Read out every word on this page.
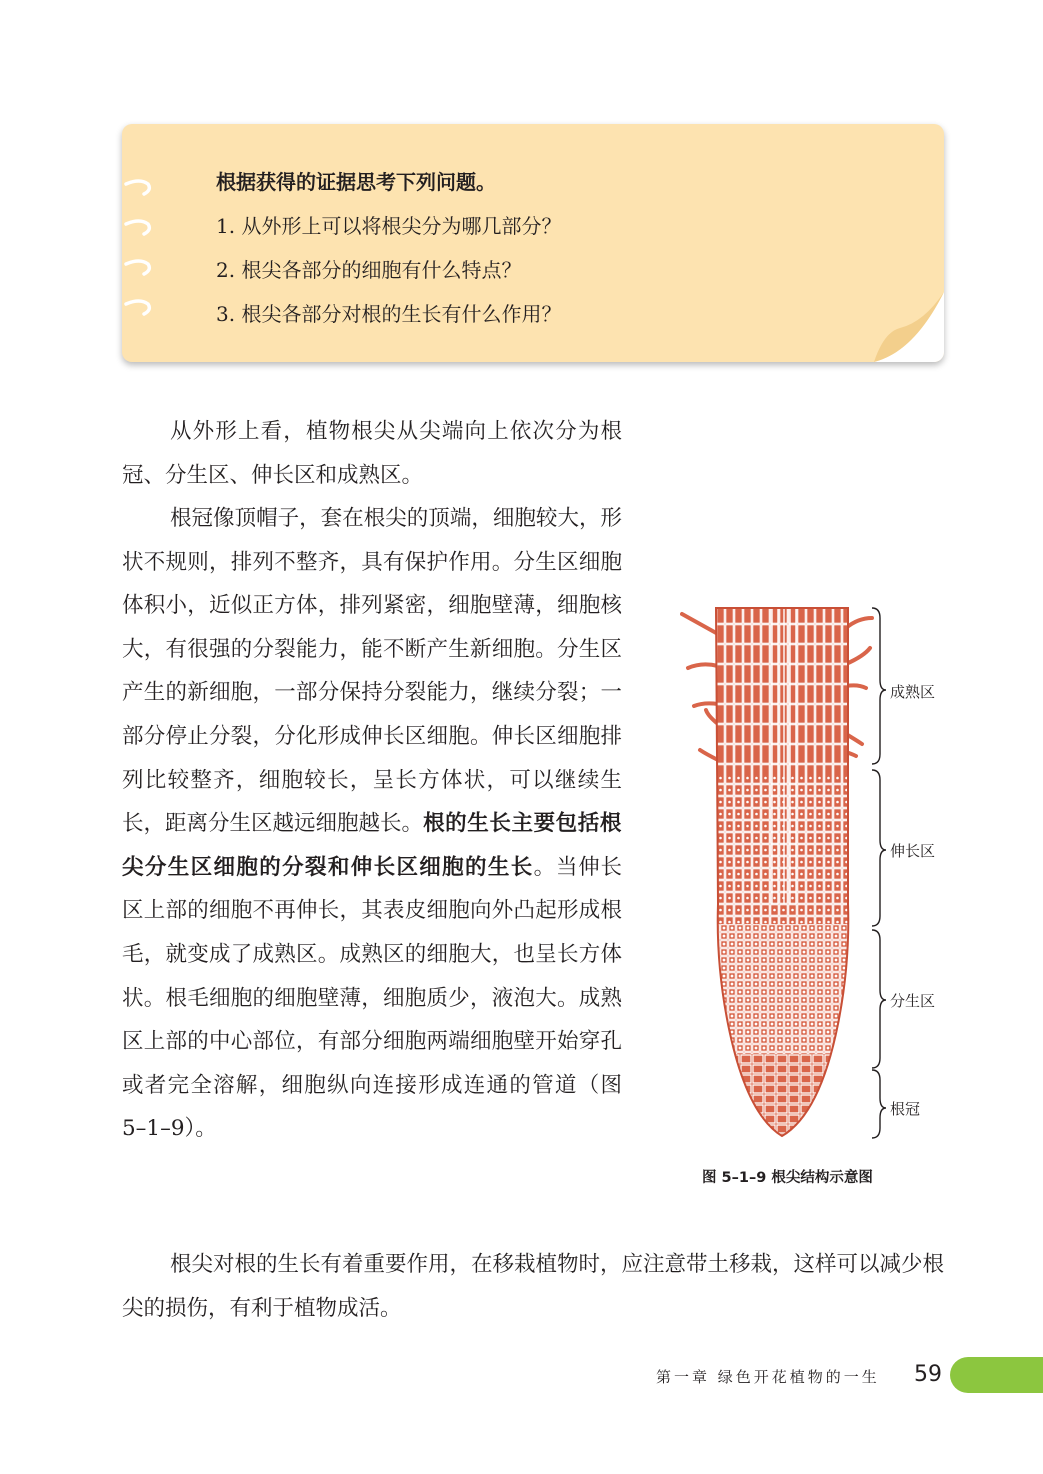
根据获得的证据思考下列问题。
1. 从外形上可以将根尖分为哪几部分？
2. 根尖各部分的细胞有什么特点？
3. 根尖各部分对根的生长有什么作用？

从外形上看，植物根尖从尖端向上依次分为根冠、分生区、伸长区和成熟区。

根冠像顶帽子，套在根尖的顶端，细胞较大，形状不规则，排列不整齐，具有保护作用。分生区细胞体积小，近似正方体，排列紧密，细胞壁薄，细胞核大，有很强的分裂能力，能不断产生新细胞。分生区产生的新细胞，一部分保持分裂能力，继续分裂；一部分停止分裂，分化形成伸长区细胞。伸长区细胞排列比较整齐，细胞较长，呈长方体状，可以继续生长，距离分生区越远细胞越长。根的生长主要包括根尖分生区细胞的分裂和伸长区细胞的生长。当伸长区上部的细胞不再伸长，其表皮细胞向外凸起形成根毛，就变成了成熟区。成熟区的细胞大，也呈长方体状。根毛细胞的细胞壁薄，细胞质少，液泡大。成熟区上部的中心部位，有部分细胞两端细胞壁开始穿孔或者完全溶解，细胞纵向连接形成连通的管道（图 5–1–9）。

根尖对根的生长有着重要作用，在移栽植物时，应注意带土移栽，这样可以减少根尖的损伤，有利于植物成活。

成熟区
伸长区
分生区
根冠
图 5–1–9 根尖结构示意图
第一章 绿色开花植物的一生 59
